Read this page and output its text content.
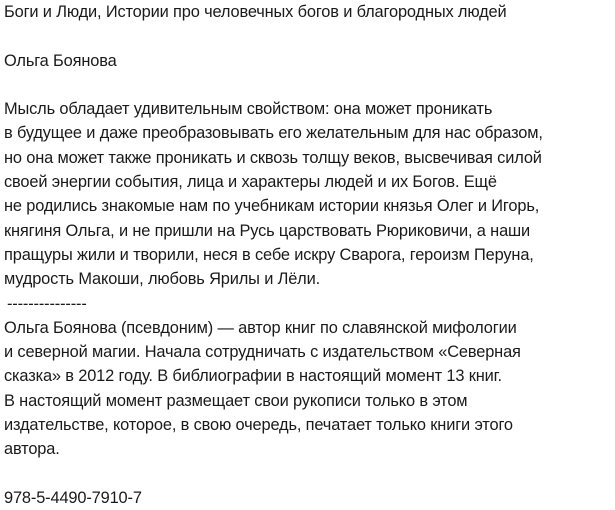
Боги и Люди, Истории про человечных богов и благородных людей
Ольга Боянова
Мысль обладает удивительным свойством: она может проникать
в будущее и даже преобразовывать его желательным для нас образом,
но она может также проникать и сквозь толщу веков, высвечивая силой
своей энергии события, лица и характеры людей и их Богов. Ещё
не родились знакомые нам по учебникам истории князья Олег и Игорь,
княгиня Ольга, и не пришли на Русь царствовать Рюриковичи, а наши
пращуры жили и творили, неся в себе искру Сварога, героизм Перуна,
мудрость Макоши, любовь Ярилы и Лёли.
---------------
Ольга Боянова (псевдоним) — автор книг по славянской мифологии
и северной магии. Начала сотрудничать с издательством «Северная
сказка» в 2012 году. В библиографии в настоящий момент 13 книг.
В настоящий момент размещает свои рукописи только в этом
издательстве, которое, в свою очередь, печатает только книги этого
автора.
978-5-4490-7910-7
